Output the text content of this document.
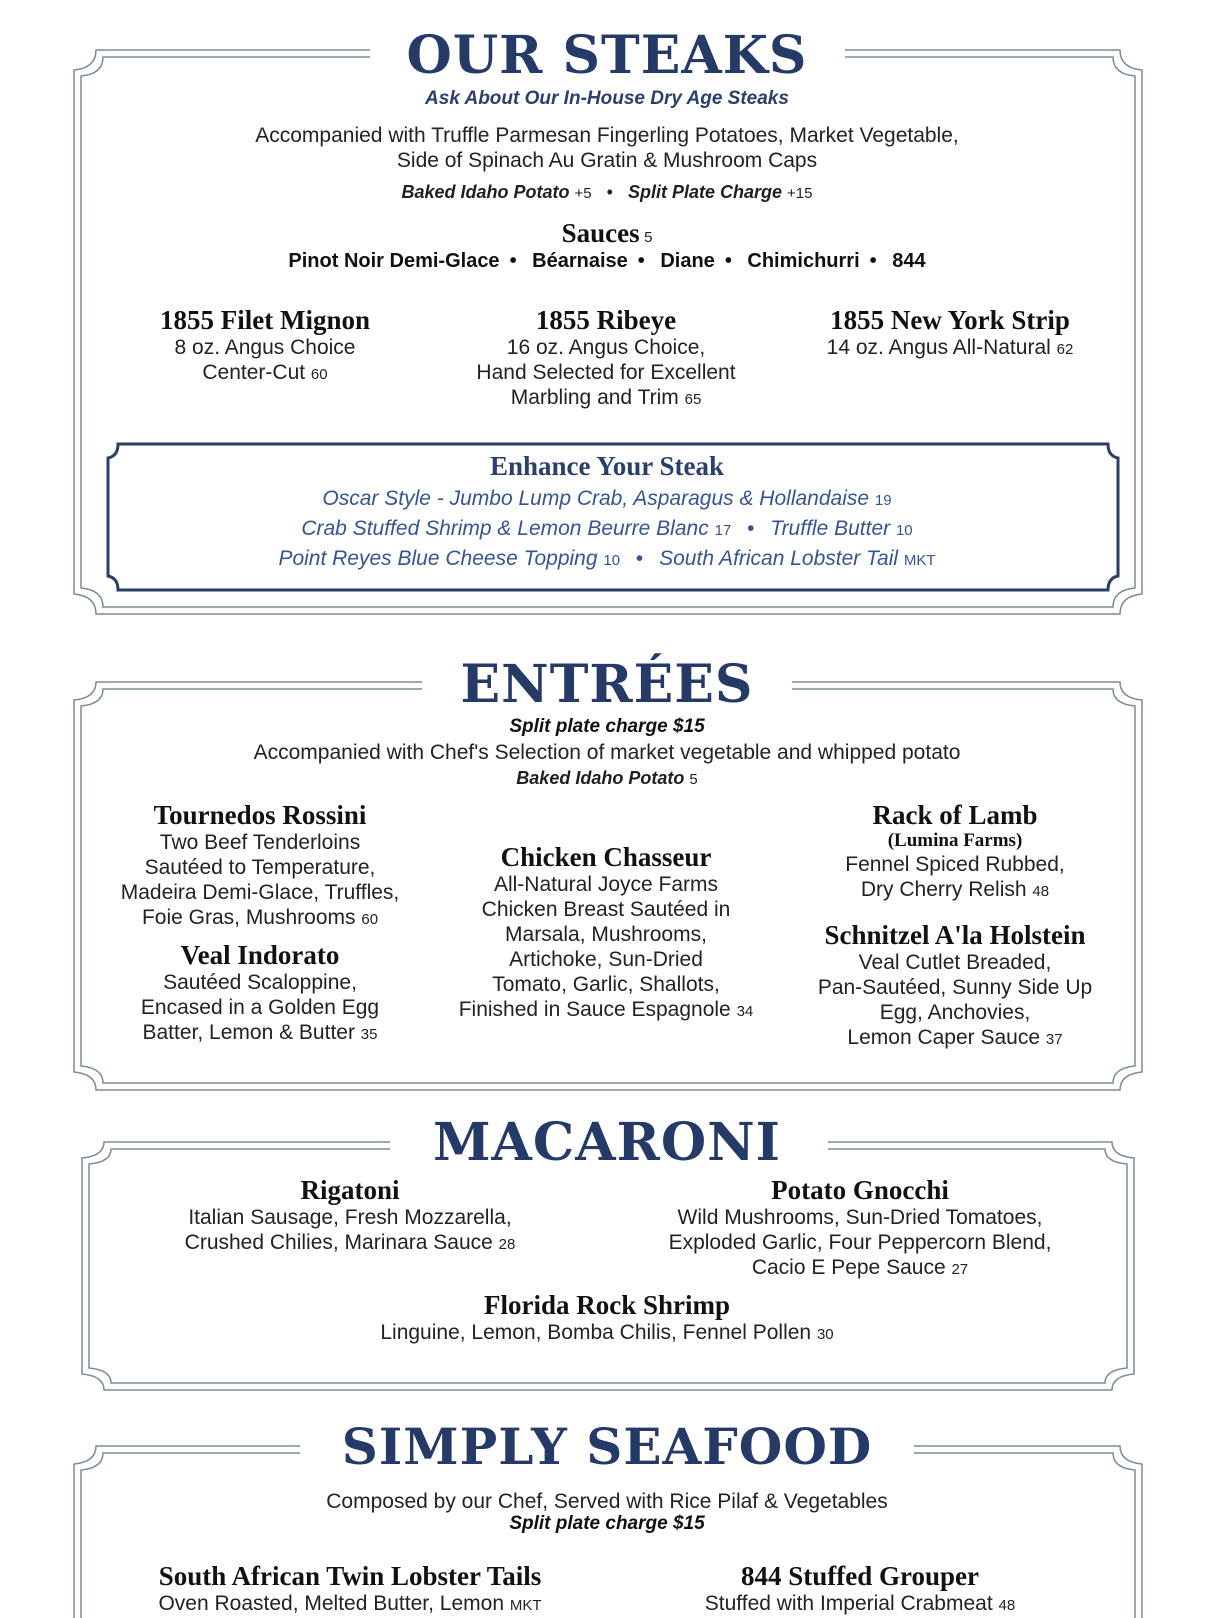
OUR STEAKS
Ask About Our In-House Dry Age Steaks
Accompanied with Truffle Parmesan Fingerling Potatoes, Market Vegetable,
Side of Spinach Au Gratin & Mushroom Caps
Baked Idaho Potato +5 • Split Plate Charge +15
Sauces 5
Pinot Noir Demi-Glace • Béarnaise • Diane • Chimichurri • 844
1855 Filet Mignon
8 oz. Angus Choice
Center-Cut 60
1855 Ribeye
16 oz. Angus Choice,
Hand Selected for Excellent
Marbling and Trim 65
1855 New York Strip
14 oz. Angus All-Natural 62
Enhance Your Steak
Oscar Style - Jumbo Lump Crab, Asparagus & Hollandaise 19
Crab Stuffed Shrimp & Lemon Beurre Blanc 17 • Truffle Butter 10
Point Reyes Blue Cheese Topping 10 • South African Lobster Tail MKT
ENTRÉES
Split plate charge $15
Accompanied with Chef's Selection of market vegetable and whipped potato
Baked Idaho Potato 5
Tournedos Rossini
Two Beef Tenderloins
Sautéed to Temperature,
Madeira Demi-Glace, Truffles,
Foie Gras, Mushrooms 60
Veal Indorato
Sautéed Scaloppine,
Encased in a Golden Egg
Batter, Lemon & Butter 35
Chicken Chasseur
All-Natural Joyce Farms
Chicken Breast Sautéed in
Marsala, Mushrooms,
Artichoke, Sun-Dried
Tomato, Garlic, Shallots,
Finished in Sauce Espagnole 34
Rack of Lamb
(Lumina Farms)
Fennel Spiced Rubbed,
Dry Cherry Relish 48
Schnitzel A'la Holstein
Veal Cutlet Breaded,
Pan-Sautéed, Sunny Side Up
Egg, Anchovies,
Lemon Caper Sauce 37
MACARONI
Rigatoni
Italian Sausage, Fresh Mozzarella,
Crushed Chilies, Marinara Sauce 28
Potato Gnocchi
Wild Mushrooms, Sun-Dried Tomatoes,
Exploded Garlic, Four Peppercorn Blend,
Cacio E Pepe Sauce 27
Florida Rock Shrimp
Linguine, Lemon, Bomba Chilis, Fennel Pollen 30
SIMPLY SEAFOOD
Composed by our Chef, Served with Rice Pilaf & Vegetables
Split plate charge $15
South African Twin Lobster Tails
Oven Roasted, Melted Butter, Lemon MKT
844 Stuffed Grouper
Stuffed with Imperial Crabmeat 48
